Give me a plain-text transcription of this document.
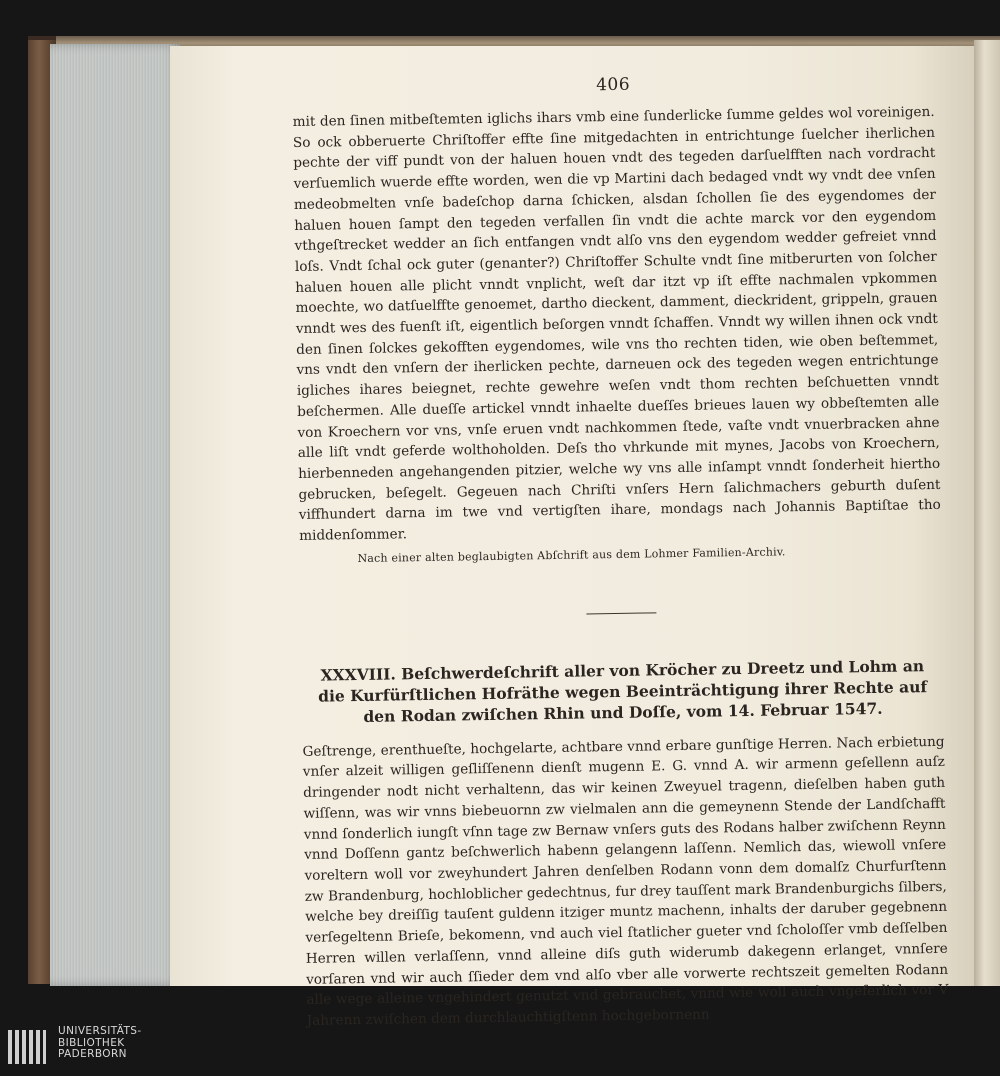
406

mit den ſinen mitbeſtemten iglichs ihars vmb eine ſunderlicke ſumme geldes wol voreinigen. So ock obberuerte Chriſtoffer effte ſine mitgedachten in entrichtunge ſuelcher iherlichen pechte der viff pundt von der haluen houen vndt des tegeden darſuelfften nach vordracht verſuemlich wuerde effte worden, wen die vp Martini dach bedaged vndt wy vndt dee vnſen medeobmelten vnſe badeſchop darna ſchicken, alsdan ſchollen ſie des eygendomes der haluen houen ſampt den tegeden verfallen ſin vndt die achte marck vor den eygendom vthgeſtrecket wedder an ſich entfangen vndt alſo vns den eygendom wedder gefreiet vnnd loſs. Vndt ſchal ock guter (genanter?) Chriſtoffer Schulte vndt ſine mitberurten von ſolcher haluen houen alle plicht vnndt vnplicht, weſt dar itzt vp iſt effte nachmalen vpkommen moechte, wo datſuelffte genoemet, dartho dieckent, damment, dieckrident, grippeln, grauen vnndt wes des fuenſt iſt, eigentlich beſorgen vnndt ſchaffen. Vnndt wy willen ihnen ock vndt den ſinen ſolckes gekofften eygendomes, wile vns tho rechten tiden, wie oben beſtemmet, vns vndt den vnſern der iherlicken pechte, darneuen ock des tegeden wegen entrichtunge igliches ihares beiegnet, rechte gewehre weſen vndt thom rechten beſchuetten vnndt beſchermen. Alle dueſſe artickel vnndt inhaelte dueſſes brieues lauen wy obbeſtemten alle von Kroechern vor vns, vnſe eruen vndt nachkommen ſtede, vaſte vndt vnuerbracken ahne alle liſt vndt geferde wolthoholden. Deſs tho vhrkunde mit mynes, Jacobs von Kroechern, hierbenneden angehangenden pitzier, welche wy vns alle inſampt vnndt ſonderheit hiertho gebrucken, beſegelt. Gegeuen nach Chriſti vnſers Hern ſalichmachers geburth duſent viffhundert darna im twe vnd vertigſten ihare, mondags nach Johannis Baptiſtae tho middenſommer.

Nach einer alten beglaubigten Abſchrift aus dem Lohmer Familien-Archiv.
XXXVIII. Beſchwerdeſchrift aller von Kröcher zu Dreetz und Lohm an die Kurfürſtlichen Hofräthe wegen Beeinträchtigung ihrer Rechte auf den Rodan zwiſchen Rhin und Doſſe, vom 14. Februar 1547.

Geſtrenge, erenthueſte, hochgelarte, achtbare vnnd erbare gunſtige Herren. Nach erbietung vnſer alzeit willigen geſliſſenenn dienſt mugenn E. G. vnnd A. wir armenn geſellenn auſz dringender nodt nicht verhaltenn, das wir keinen Zweyuel tragenn, dieſelben haben guth wiſſenn, was wir vnns biebeuornn zw vielmalen ann die gemeynenn Stende der Landſchafft vnnd ſonderlich iungſt vſnn tage zw Bernaw vnſers guts des Rodans halber zwiſchenn Reynn vnnd Doſſenn gantz beſchwerlich habenn gelangenn laſſenn. Nemlich das, wiewoll vnſere voreltern woll vor zweyhundert Jahren denſelben Rodann vonn dem domalſz Churfurſtenn zw Brandenburg, hochloblicher gedechtnus, fur drey tauſſent mark Brandenburgichs ſilbers, welche bey dreiſſig tauſent guldenn itziger muntz machenn, inhalts der daruber gegebnenn verſegeltenn Brieſe, bekomenn, vnd auch viel ſtatlicher gueter vnd ſcholoſſer vmb deſſelben Herren willen verlaſſenn, vnnd alleine diſs guth widerumb dakegenn erlanget, vnnſere vorſaren vnd wir auch ſſieder dem vnd alſo vber alle vorwerte rechtszeit gemelten Rodann alle wege alleine vngehindert genutzt vnd gebrauchet, vnnd wie woll auch vngeferlich vor V Jahrenn zwiſchen dem durchlauchtigſtenn hochgebornenn

UNIVERSITÄTS-
BIBLIOTHEK
PADERBORN
